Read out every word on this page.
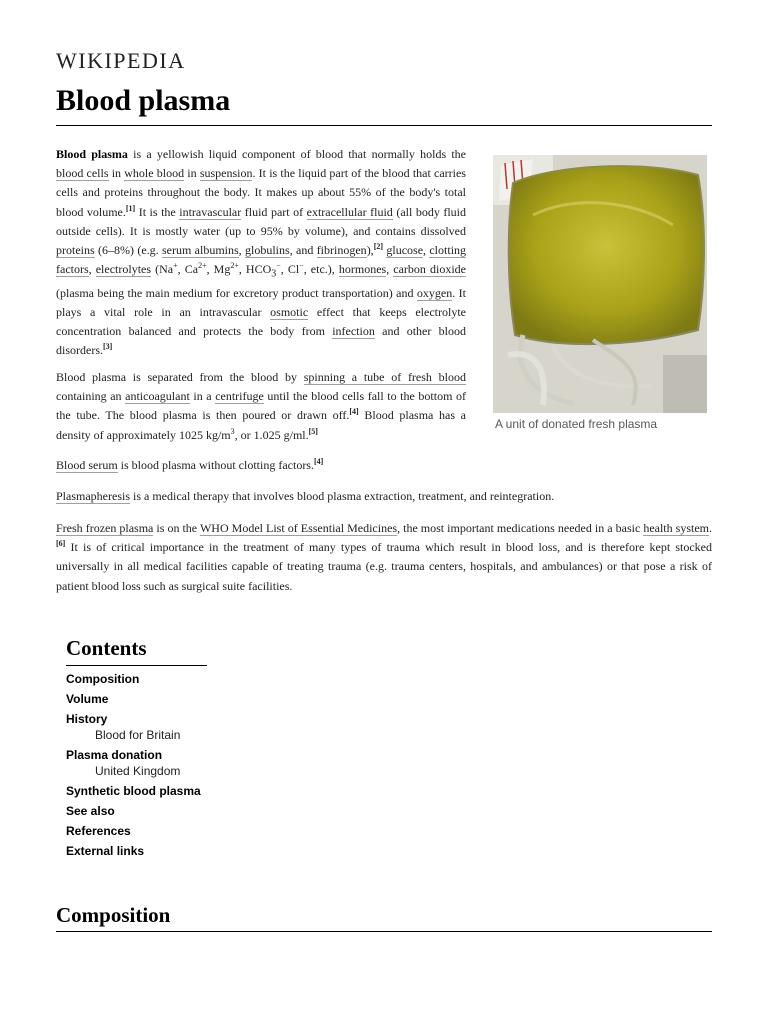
WIKIPEDIA
Blood plasma
A unit of donated fresh plasma

Blood plasma is a yellowish liquid component of blood that normally holds the blood cells in whole blood in suspension. It is the liquid part of the blood that carries cells and proteins throughout the body. It makes up about 55% of the body's total blood volume.[1] It is the intravascular fluid part of extracellular fluid (all body fluid outside cells). It is mostly water (up to 95% by volume), and contains dissolved proteins (6–8%) (e.g. serum albumins, globulins, and fibrinogen),[2] glucose, clotting factors, electrolytes (Na+, $Ca^{2+}$, $Mg^{2+}$, $HCO_3^-$, Cl−, etc.), hormones, carbon dioxide (plasma being the main medium for excretory product transportation) and oxygen. It plays a vital role in an intravascular osmotic effect that keeps electrolyte concentration balanced and protects the body from infection and other blood disorders.[3]

Blood plasma is separated from the blood by spinning a tube of fresh blood containing an anticoagulant in a centrifuge until the blood cells fall to the bottom of the tube. The blood plasma is then poured or drawn off.[4] Blood plasma has a density of approximately 1025 $kg/m^3$, or 1.025 g/ml.[5]

Blood serum is blood plasma without clotting factors.[4]

Plasmapheresis is a medical therapy that involves blood plasma extraction, treatment, and reintegration.

Fresh frozen plasma is on the WHO Model List of Essential Medicines, the most important medications needed in a basic health system.[6] It is of critical importance in the treatment of many types of trauma which result in blood loss, and is therefore kept stocked universally in all medical facilities capable of treating trauma (e.g. trauma centers, hospitals, and ambulances) or that pose a risk of patient blood loss such as surgical suite facilities.

Contents
Composition
Volume
History
Blood for Britain
Plasma donation
United Kingdom
Synthetic blood plasma
See also
References
External links
Composition
